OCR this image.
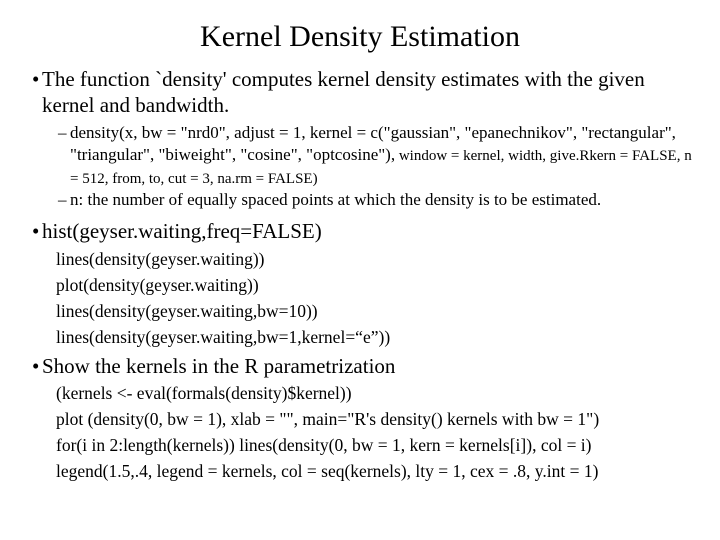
Kernel Density Estimation
• The function `density' computes kernel density estimates with the given kernel and bandwidth.
– density(x, bw = "nrd0", adjust = 1, kernel = c("gaussian", "epanechnikov", "rectangular", "triangular", "biweight", "cosine", "optcosine"), window = kernel, width, give.Rkern = FALSE, n = 512, from, to, cut = 3, na.rm = FALSE)
– n: the number of equally spaced points at which the density is to be estimated.
• hist(geyser.waiting,freq=FALSE)
lines(density(geyser.waiting))
plot(density(geyser.waiting))
lines(density(geyser.waiting,bw=10))
lines(density(geyser.waiting,bw=1,kernel=“e”))
• Show the kernels in the R parametrization
(kernels <- eval(formals(density)$kernel))
plot (density(0, bw = 1), xlab = "", main="R's density() kernels with bw = 1")
for(i in 2:length(kernels)) lines(density(0, bw = 1, kern = kernels[i]), col = i)
legend(1.5,.4, legend = kernels, col = seq(kernels), lty = 1, cex = .8, y.int = 1)
